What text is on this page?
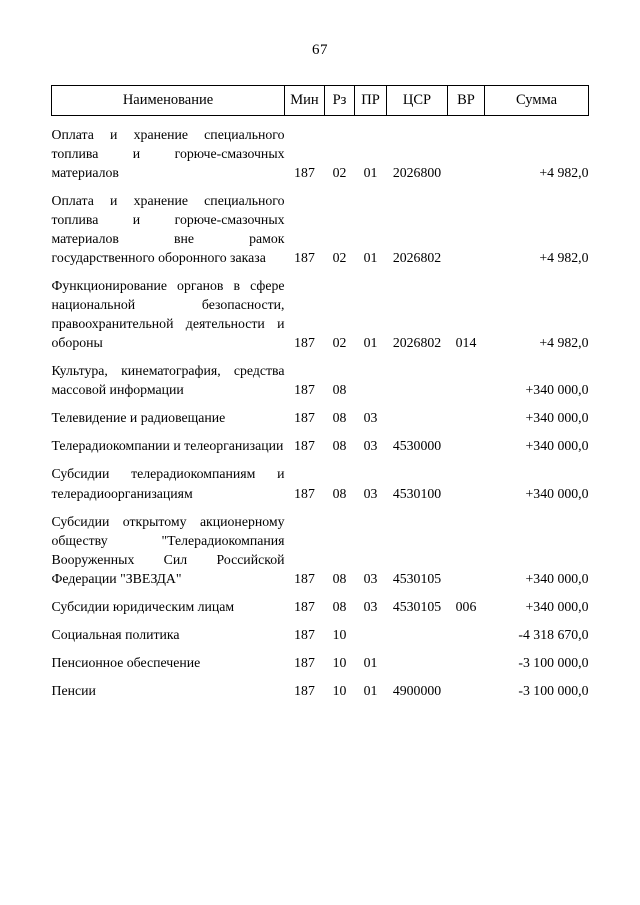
67
Наименование	Мин	Рз	ПР	ЦСР	ВР	Сумма
Оплата и хранение специального топлива и горюче-смазочных материалов	187	02	01	2026800		+4 982,0
Оплата и хранение специального топлива и горюче-смазочных материалов вне рамок государственного оборонного заказа	187	02	01	2026802		+4 982,0
Функционирование органов в сфере национальной безопасности, правоохранительной деятельности и обороны	187	02	01	2026802	014	+4 982,0
Культура, кинематография, средства массовой информации	187	08				+340 000,0
Телевидение и радиовещание	187	08	03			+340 000,0
Телерадиокомпании и телеорганизации	187	08	03	4530000		+340 000,0
Субсидии телерадиокомпаниям и телерадиоорганизациям	187	08	03	4530100		+340 000,0
Субсидии открытому акционерному обществу "Телерадиокомпания Вооруженных Сил Российской Федерации "ЗВЕЗДА"	187	08	03	4530105		+340 000,0
Субсидии юридическим лицам	187	08	03	4530105	006	+340 000,0
Социальная политика	187	10				-4 318 670,0
Пенсионное обеспечение	187	10	01			-3 100 000,0
Пенсии	187	10	01	4900000		-3 100 000,0
